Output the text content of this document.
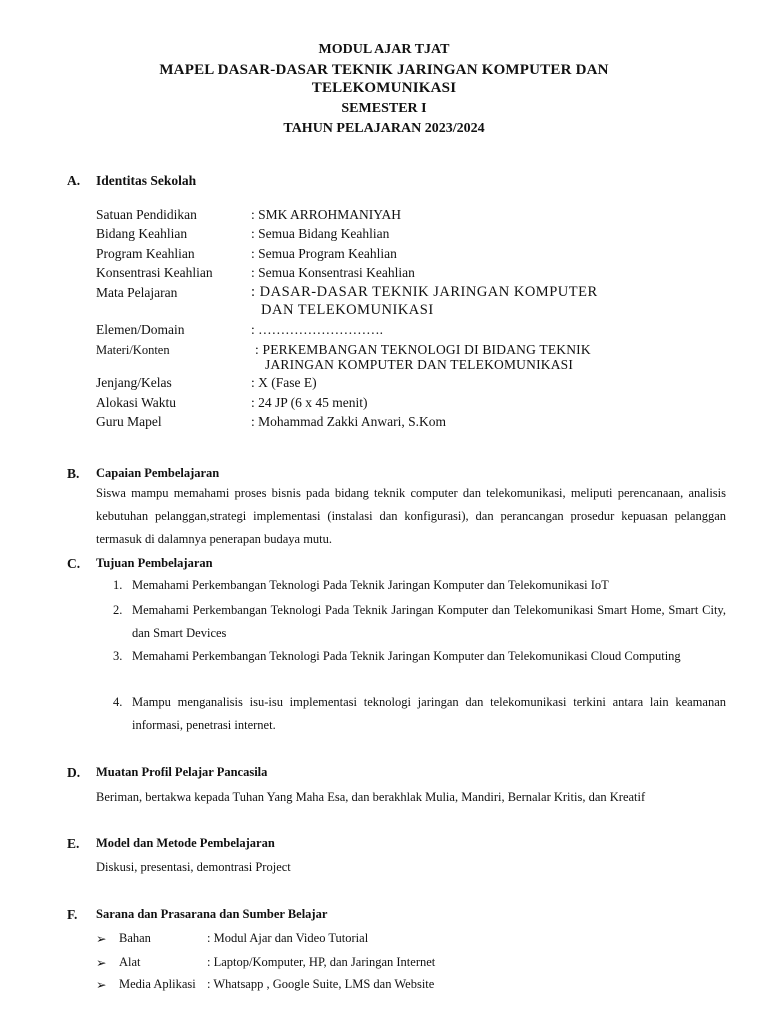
MODUL AJAR TJAT
MAPEL DASAR-DASAR TEKNIK JARINGAN KOMPUTER DAN
TELEKOMUNIKASI
SEMESTER I
TAHUN PELAJARAN 2023/2024
A. Identitas Sekolah
Satuan Pendidikan	: SMK ARROHMANIYAH
Bidang Keahlian	: Semua Bidang Keahlian
Program Keahlian	: Semua Program Keahlian
Konsentrasi Keahlian	: Semua Konsentrasi Keahlian
Mata Pelajaran	: DASAR-DASAR TEKNIK JARINGAN KOMPUTER
DAN TELEKOMUNIKASI
Elemen/Domain	: ……………………….
Materi/Konten	: PERKEMBANGAN TEKNOLOGI DI BIDANG TEKNIK
JARINGAN KOMPUTER DAN TELEKOMUNIKASI
Jenjang/Kelas	: X (Fase E)
Alokasi Waktu	: 24 JP (6 x 45 menit)
Guru Mapel	: Mohammad Zakki Anwari, S.Kom
B. Capaian Pembelajaran
Siswa mampu memahami proses bisnis pada bidang teknik computer dan telekomunikasi, meliputi perencanaan, analisis kebutuhan pelanggan,strategi implementasi (instalasi dan konfigurasi), dan perancangan prosedur kepuasan pelanggan termasuk di dalamnya penerapan budaya mutu.
C. Tujuan Pembelajaran
1. Memahami Perkembangan Teknologi Pada Teknik Jaringan Komputer dan Telekomunikasi IoT
2. Memahami Perkembangan Teknologi Pada Teknik Jaringan Komputer dan Telekomunikasi Smart Home, Smart City, dan Smart Devices
3. Memahami Perkembangan Teknologi Pada Teknik Jaringan Komputer dan Telekomunikasi Cloud Computing
4. Mampu menganalisis isu-isu implementasi teknologi jaringan dan telekomunikasi terkini antara lain keamanan informasi, penetrasi internet.
D. Muatan Profil Pelajar Pancasila
Beriman, bertakwa kepada Tuhan Yang Maha Esa, dan berakhlak Mulia, Mandiri, Bernalar Kritis, dan Kreatif
E. Model dan Metode Pembelajaran
Diskusi, presentasi, demontrasi Project
F. Sarana dan Prasarana dan Sumber Belajar
➢ Bahan	: Modul Ajar dan Video Tutorial
➢ Alat	: Laptop/Komputer, HP, dan Jaringan Internet
➢ Media Aplikasi : Whatsapp , Google Suite, LMS dan Website
